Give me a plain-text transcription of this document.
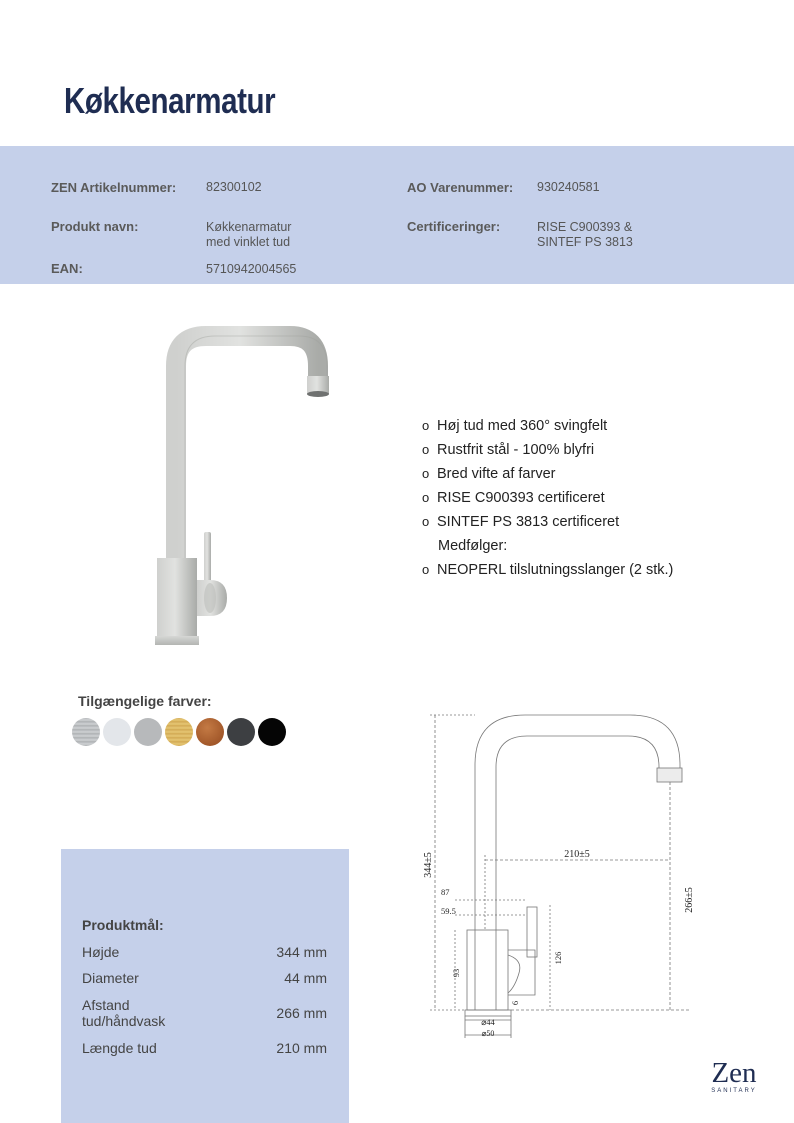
Køkkenarmatur
ZEN Artikelnummer: 82300102	AO Varenummer: 930240581
Produkt navn:	Køkkenarmatur
med vinklet tud
Certificeringer:	RISE C900393 &
SINTEF PS 3813
EAN:	5710942004565
o Høj tud med 360° svingfelt
o Rustfrit stål - 100% blyfri
o Bred vifte af farver
o RISE C900393 certificeret
o SINTEF PS 3813 certificeret
Medfølger:
o NEOPERL tilslutningsslanger (2 stk.)
Tilgængelige farver:
Produktmål:
Højde	344 mm
Diameter	44 mm
Afstand
tud/håndvask	266 mm
Længde tud	210 mm
344±5	210±5
266±5
87
59.5
93
126
6
⌀44
⌀50
Zen
SANITARY
